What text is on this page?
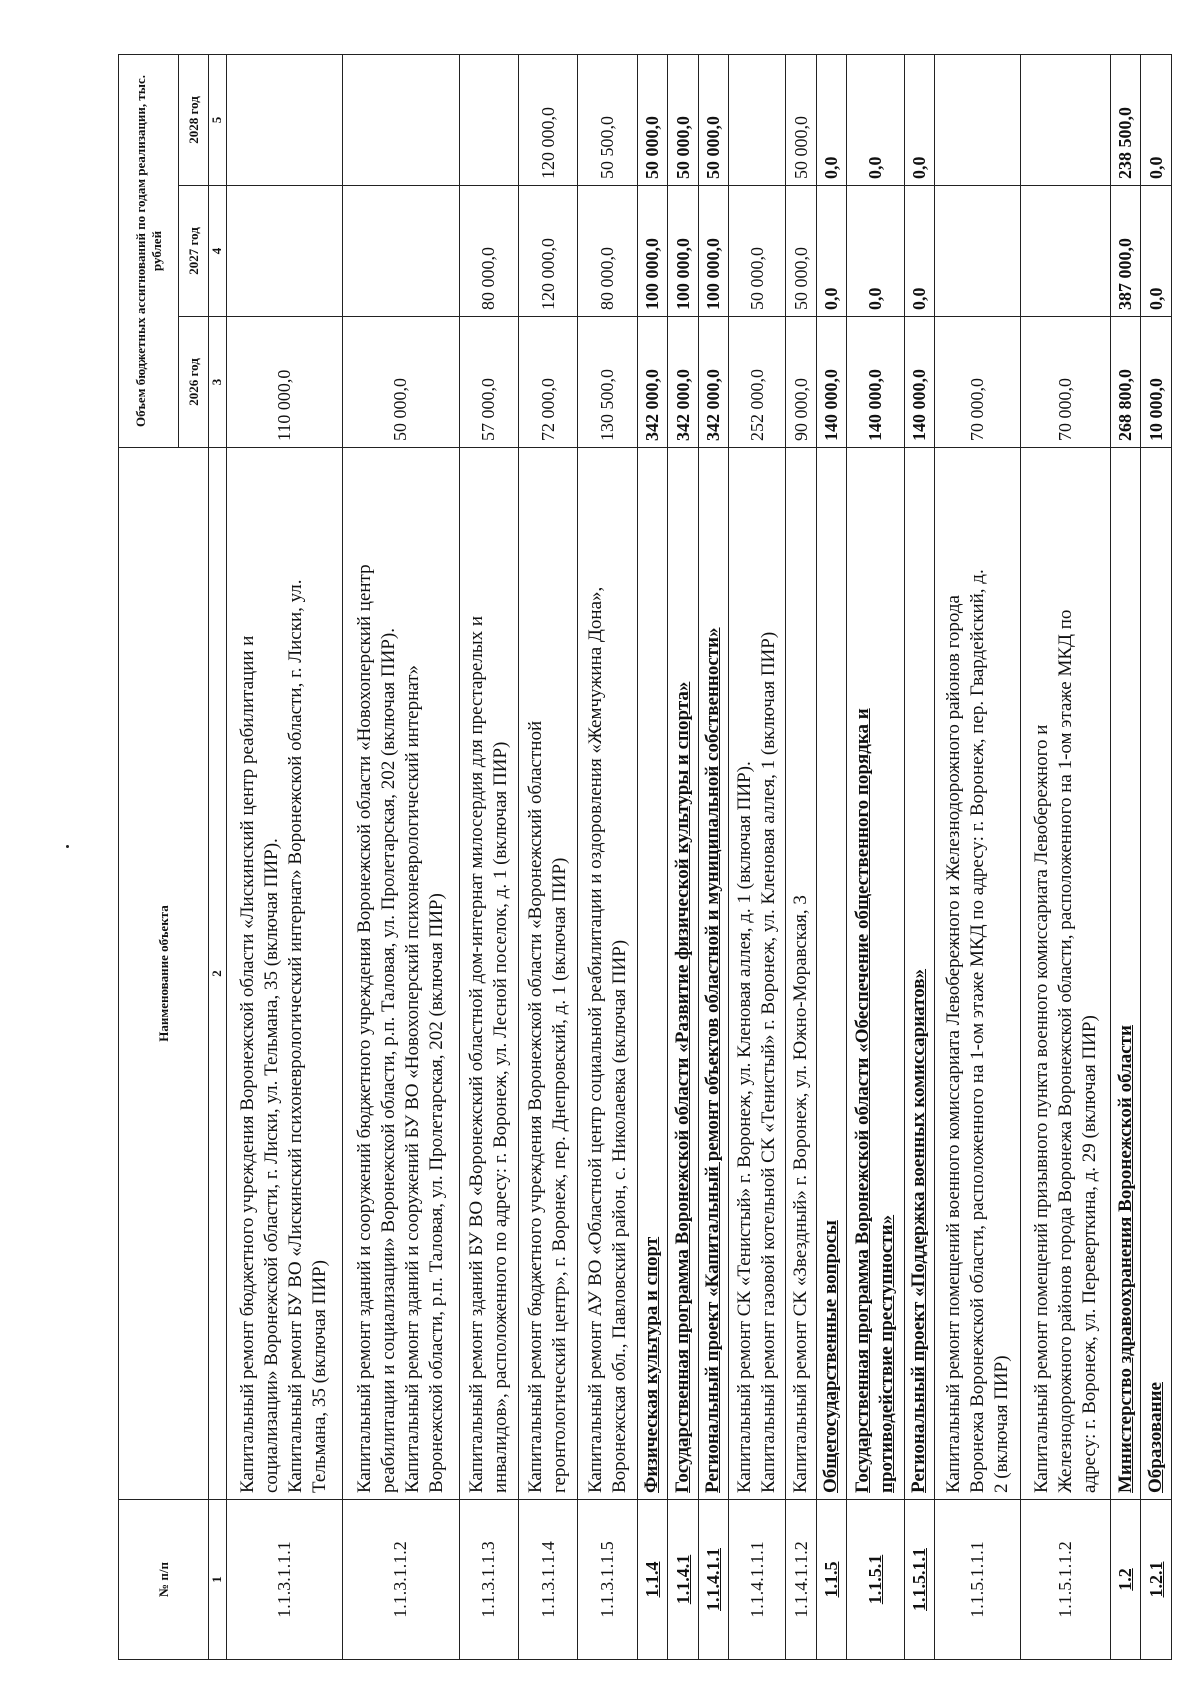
№ п/п	Наименование объекта	Объем бюджетных ассигнований по годам реализации, тыс. рублей		
		2026 год	2027 год	2028 год
1	2	3	4	5
1.1.3.1.1.1	Капитальный ремонт бюджетного учреждения Воронежской области «Лискинский центр реабилитации и социализации» Воронежской области, г. Лиски, ул. Тельмана, 35 (включая ПИР). Капитальный ремонт БУ ВО «Лискинский психоневрологический интернат» Воронежской области, г. Лиски, ул. Тельмана, 35 (включая ПИР)	110 000,0		
1.1.3.1.1.2	Капитальный ремонт зданий и сооружений бюджетного учреждения Воронежской области «Новохоперский центр реабилитации и социализации» Воронежской области, р.п. Таловая, ул. Пролетарская, 202 (включая ПИР). Капитальный ремонт зданий и сооружений БУ ВО «Новохоперский психоневрологический интернат» Воронежской области, р.п. Таловая, ул. Пролетарская, 202 (включая ПИР)	50 000,0		
1.1.3.1.1.3	Капитальный ремонт зданий БУ ВО «Воронежский областной дом-интернат милосердия для престарелых и инвалидов», расположенного по адресу: г. Воронеж, ул. Лесной поселок, д. 1 (включая ПИР)	57 000,0	80 000,0	
1.1.3.1.1.4	Капитальный ремонт бюджетного учреждения Воронежской области «Воронежский областной геронтологический центр», г. Воронеж, пер. Днепровский, д. 1 (включая ПИР)	72 000,0	120 000,0	120 000,0
1.1.3.1.1.5	Капитальный ремонт АУ ВО «Областной центр социальной реабилитации и оздоровления «Жемчужина Дона», Воронежская обл., Павловский район, с. Николаевка (включая ПИР)	130 500,0	80 000,0	50 500,0
1.1.4	Физическая культура и спорт	342 000,0	100 000,0	50 000,0
1.1.4.1	Государственная программа Воронежской области «Развитие физической культуры и спорта»	342 000,0	100 000,0	50 000,0
1.1.4.1.1	Региональный проект «Капитальный ремонт объектов областной и муниципальной собственности»	342 000,0	100 000,0	50 000,0
1.1.4.1.1.1	Капитальный ремонт СК «Тенистый» г. Воронеж, ул. Кленовая аллея, д. 1 (включая ПИР). Капитальный ремонт газовой котельной СК «Тенистый» г. Воронеж, ул. Кленовая аллея, 1 (включая ПИР)	252 000,0	50 000,0	
1.1.4.1.1.2	Капитальный ремонт СК «Звездный» г. Воронеж, ул. Южно-Моравская, 3	90 000,0	50 000,0	50 000,0
1.1.5	Общегосударственные вопросы	140 000,0	0,0	0,0
1.1.5.1	Государственная программа Воронежской области «Обеспечение общественного порядка и противодействие преступности»	140 000,0	0,0	0,0
1.1.5.1.1	Региональный проект «Поддержка военных комиссариатов»	140 000,0	0,0	0,0
1.1.5.1.1.1	Капитальный ремонт помещений военного комиссариата Левобережного и Железнодорожного районов города Воронежа Воронежской области, расположенного на 1-ом этаже МКД по адресу: г. Воронеж, пер. Гвардейский, д. 2 (включая ПИР)	70 000,0		
1.1.5.1.1.2	Капитальный ремонт помещений призывного пункта военного комиссариата Левобережного и Железнодорожного районов города Воронежа Воронежской области, расположенного на 1-ом этаже МКД по адресу: г. Воронеж, ул. Переверткина, д. 29 (включая ПИР)	70 000,0		
1.2	Министерство здравоохранения Воронежской области	268 800,0	387 000,0	238 500,0
1.2.1	Образование	10 000,0	0,0	0,0
